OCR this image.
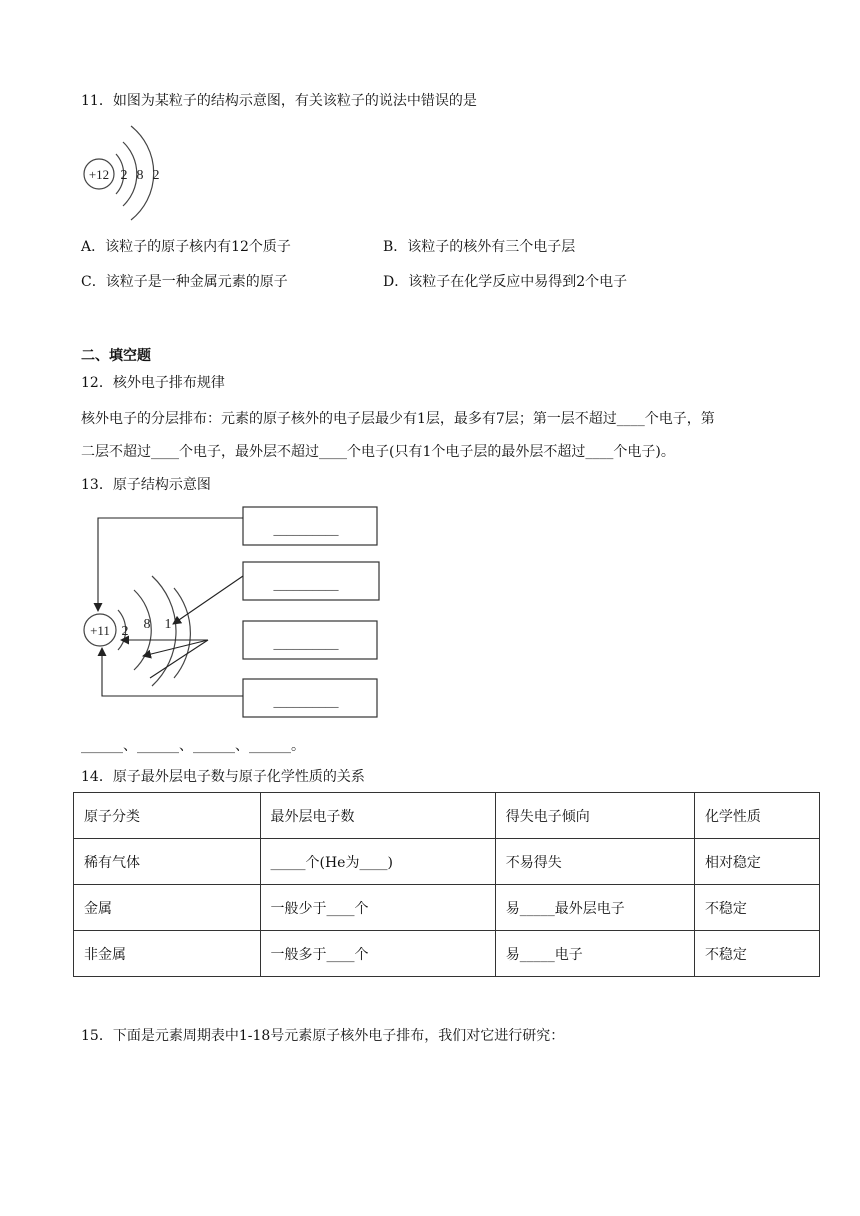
11．如图为某粒子的结构示意图，有关该粒子的说法中错误的是
+12 2 8 2
A．该粒子的原子核内有12个质子	B．该粒子的核外有三个电子层
C．该粒子是一种金属元素的原子	D．该粒子在化学反应中易得到2个电子
二、填空题
12．核外电子排布规律
核外电子的分层排布：元素的原子核外的电子层最少有1层，最多有7层；第一层不超过____个电子，第
二层不超过____个电子，最外层不超过____个电子(只有1个电子层的最外层不超过____个电子)。
13．原子结构示意图
__________
__________
__________
__________
+11 2 8 1
______、______、______、______。
14．原子最外层电子数与原子化学性质的关系
原子分类	最外层电子数	得失电子倾向	化学性质
稀有气体	_____个(He为____)	不易得失	相对稳定
金属	一般少于____个	易_____最外层电子	不稳定
非金属	一般多于____个	易_____电子	不稳定
15．下面是元素周期表中1-18号元素原子核外电子排布，我们对它进行研究：
